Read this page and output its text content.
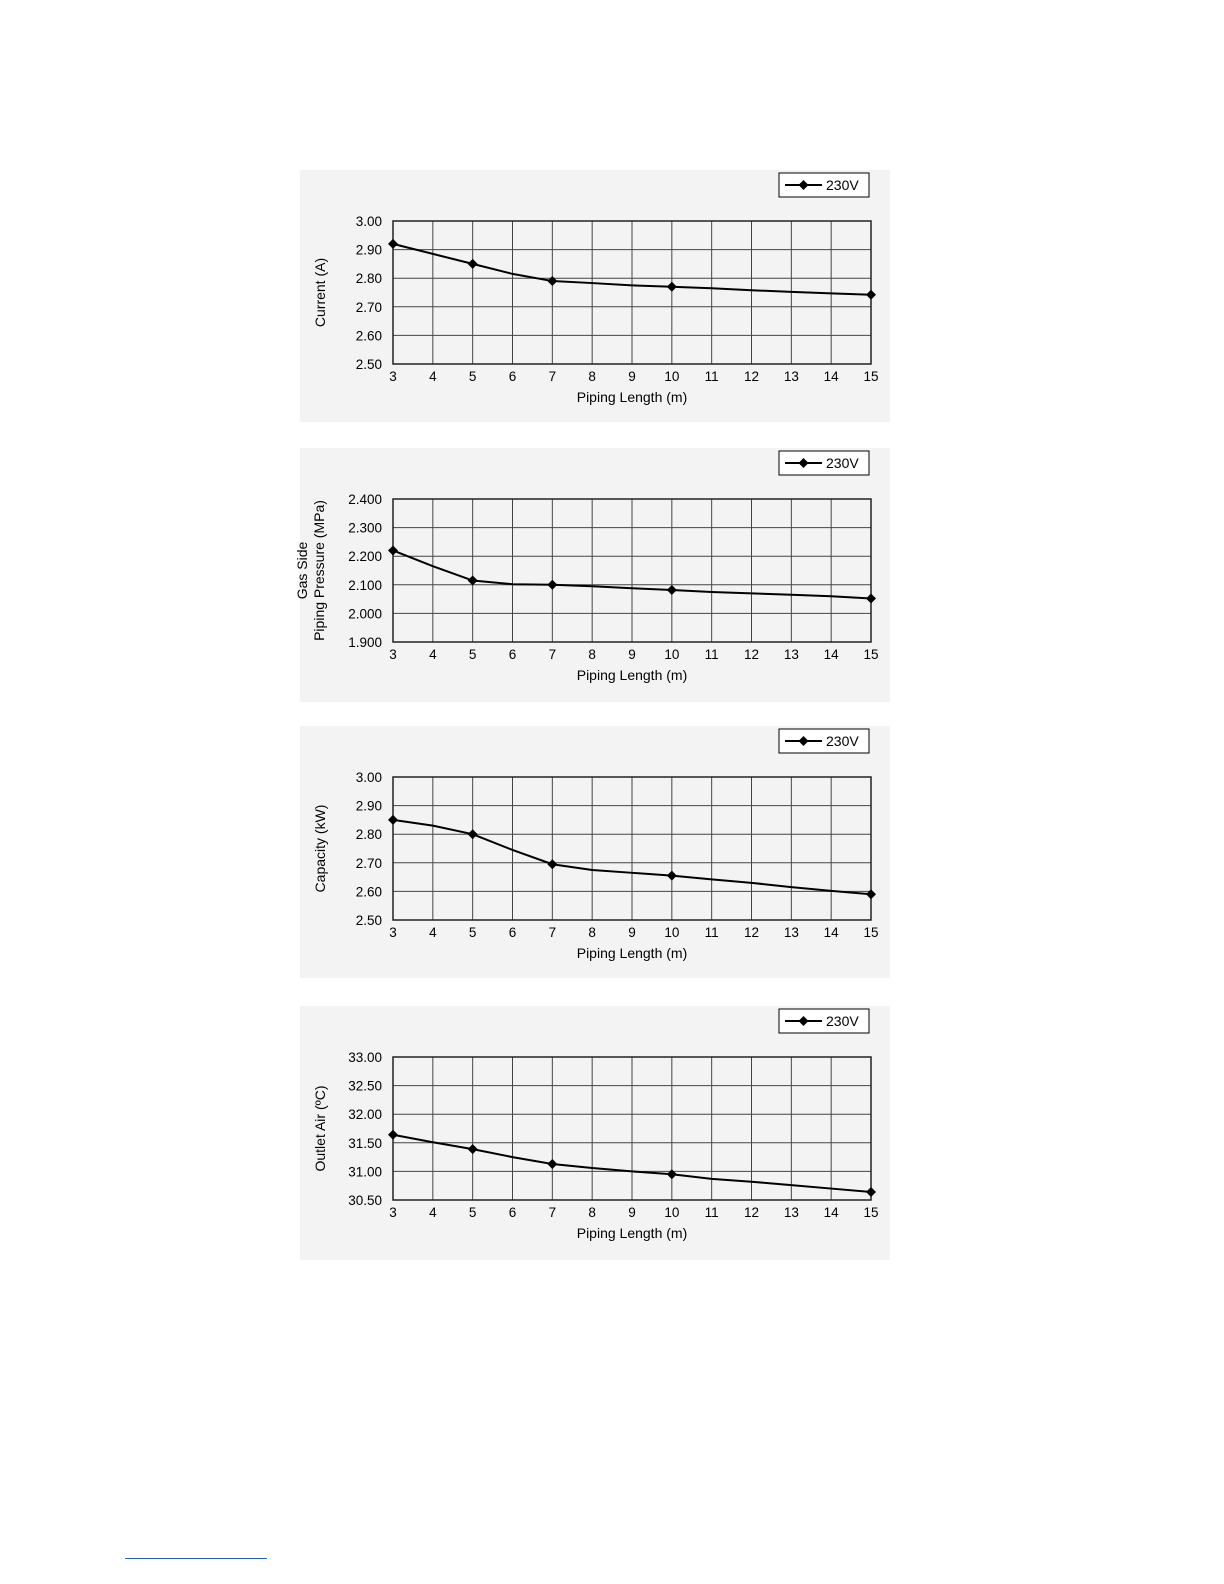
230V
3 4 5 6 7 8 9 10 11 12 13 14 15
2.50
2.60
2.70
2.80
2.90
3.00
Piping Length (m)
Current (A)
230V
3 4 5 6 7 8 9 10 11 12 13 14 15
1.900
2.000
2.100
2.200
2.300
2.400
Piping Length (m)
Gas Side Piping Pressure (MPa)
230V
3 4 5 6 7 8 9 10 11 12 13 14 15
2.50
2.60
2.70
2.80
2.90
3.00
Piping Length (m)
Capacity (kW)
230V
3 4 5 6 7 8 9 10 11 12 13 14 15
30.50
31.00
31.50
32.00
32.50
33.00
Piping Length (m)
Outlet Air (ºC)
